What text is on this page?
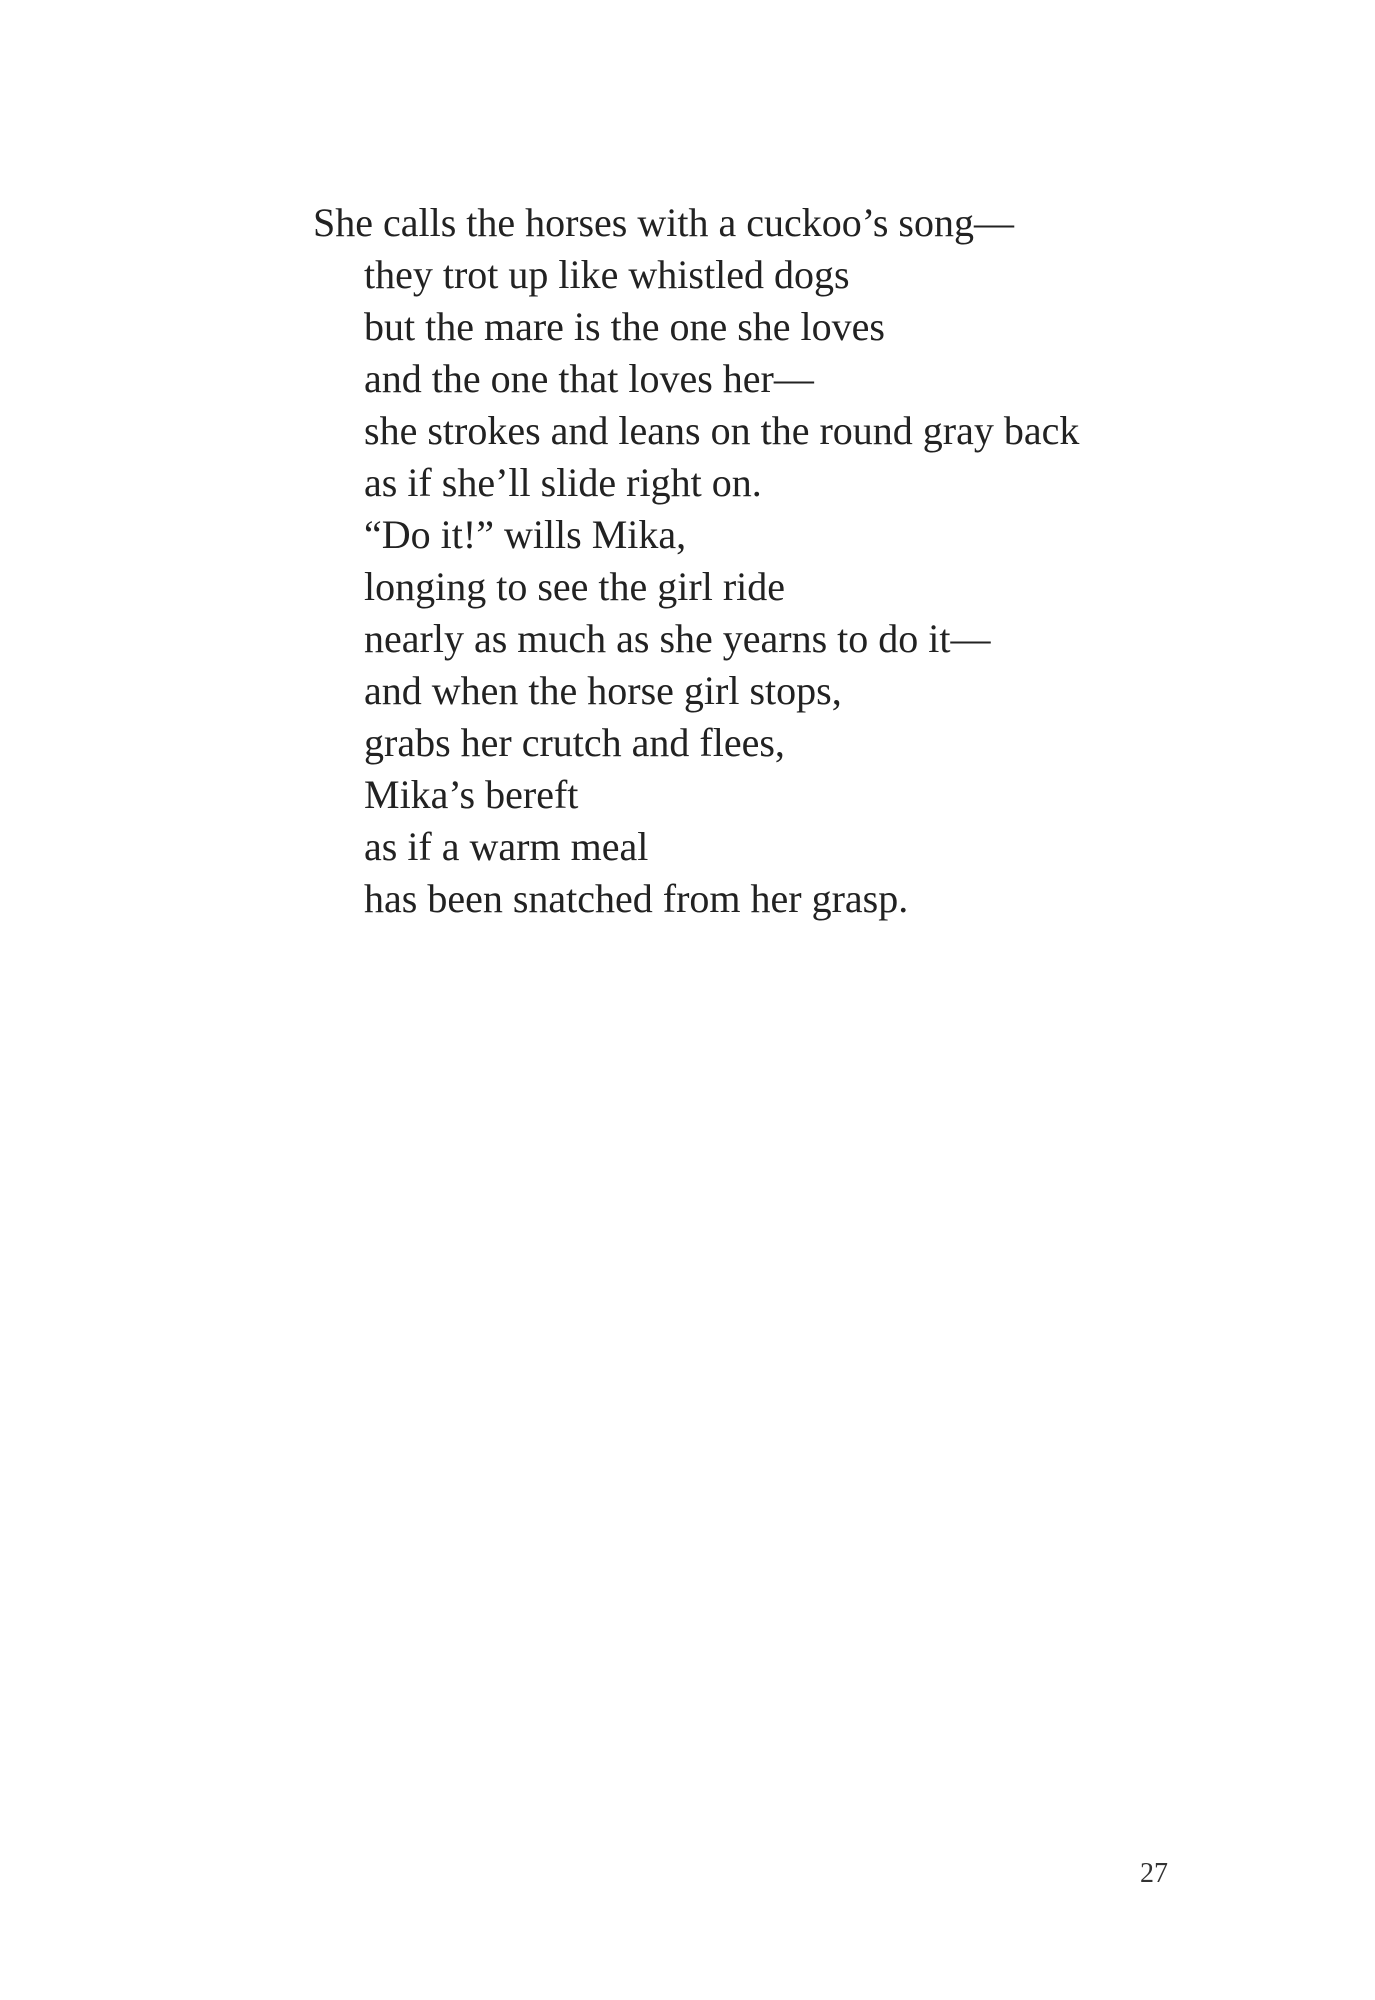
She calls the horses with a cuckoo’s song—
they trot up like whistled dogs
but the mare is the one she loves
and the one that loves her—
she strokes and leans on the round gray back
as if she’ll slide right on.
“Do it!” wills Mika,
longing to see the girl ride
nearly as much as she yearns to do it—
and when the horse girl stops,
grabs her crutch and flees,
Mika’s bereft
as if a warm meal
has been snatched from her grasp.
27
